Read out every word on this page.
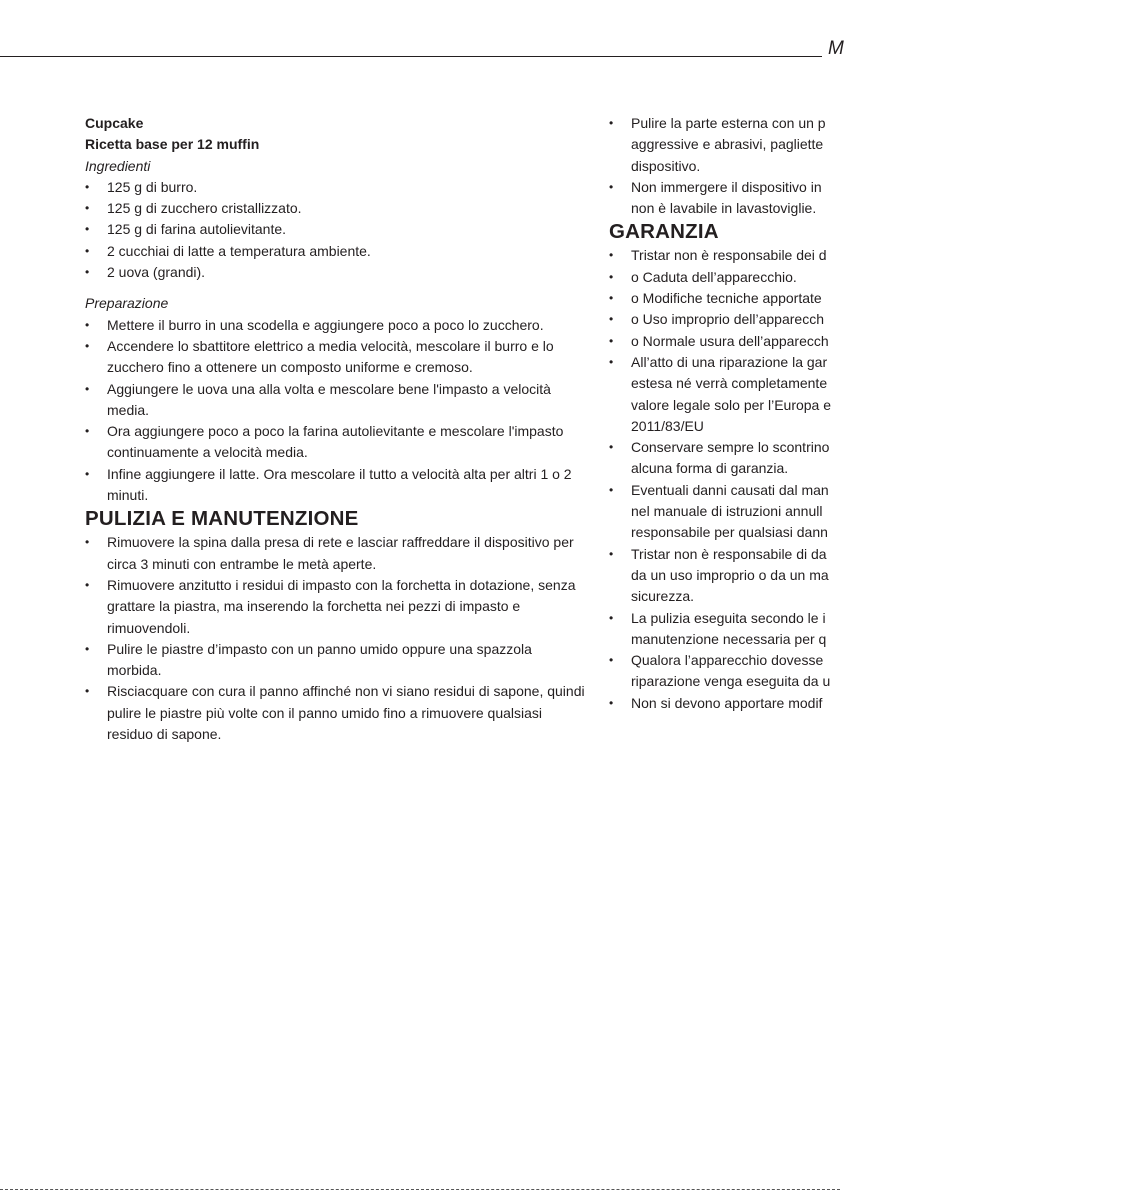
M
Cupcake
Ricetta base per 12 muffin
Ingredienti
• 125 g di burro.
• 125 g di zucchero cristallizzato.
• 125 g di farina autolievitante.
• 2 cucchiai di latte a temperatura ambiente.
• 2 uova (grandi).
Preparazione
• Mettere il burro in una scodella e aggiungere poco a poco lo zucchero.
• Accendere lo sbattitore elettrico a media velocità, mescolare il burro e lo zucchero fino a ottenere un composto uniforme e cremoso.
• Aggiungere le uova una alla volta e mescolare bene l'impasto a velocità media.
• Ora aggiungere poco a poco la farina autolievitante e mescolare l'impasto continuamente a velocità media.
• Infine aggiungere il latte. Ora mescolare il tutto a velocità alta per altri 1 o 2 minuti.
PULIZIA E MANUTENZIONE
• Rimuovere la spina dalla presa di rete e lasciar raffreddare il dispositivo per circa 3 minuti con entrambe le metà aperte.
• Rimuovere anzitutto i residui di impasto con la forchetta in dotazione, senza grattare la piastra, ma inserendo la forchetta nei pezzi di impasto e rimuovendoli.
• Pulire le piastre d’impasto con un panno umido oppure una spazzola morbida.
• Risciacquare con cura il panno affinché non vi siano residui di sapone, quindi pulire le piastre più volte con il panno umido fino a rimuovere qualsiasi residuo di sapone.
• Pulire la parte esterna con un p
aggressive e abrasivi, pagliette
dispositivo.
• Non immergere il dispositivo in
non è lavabile in lavastoviglie.
GARANZIA
• Tristar non è responsabile dei d
• o Caduta dell’apparecchio.
• o Modifiche tecniche apportate
• o Uso improprio dell’apparecch
• o Normale usura dell’apparecch
• All’atto di una riparazione la gar
estesa né verrà completamente
valore legale solo per l’Europa e
2011/83/EU
• Conservare sempre lo scontrino
alcuna forma di garanzia.
• Eventuali danni causati dal man
nel manuale di istruzioni annull
responsabile per qualsiasi dann
• Tristar non è responsabile di da
da un uso improprio o da un ma
sicurezza.
• La pulizia eseguita secondo le i
manutenzione necessaria per q
• Qualora l’apparecchio dovesse
riparazione venga eseguita da u
• Non si devono apportare modif
